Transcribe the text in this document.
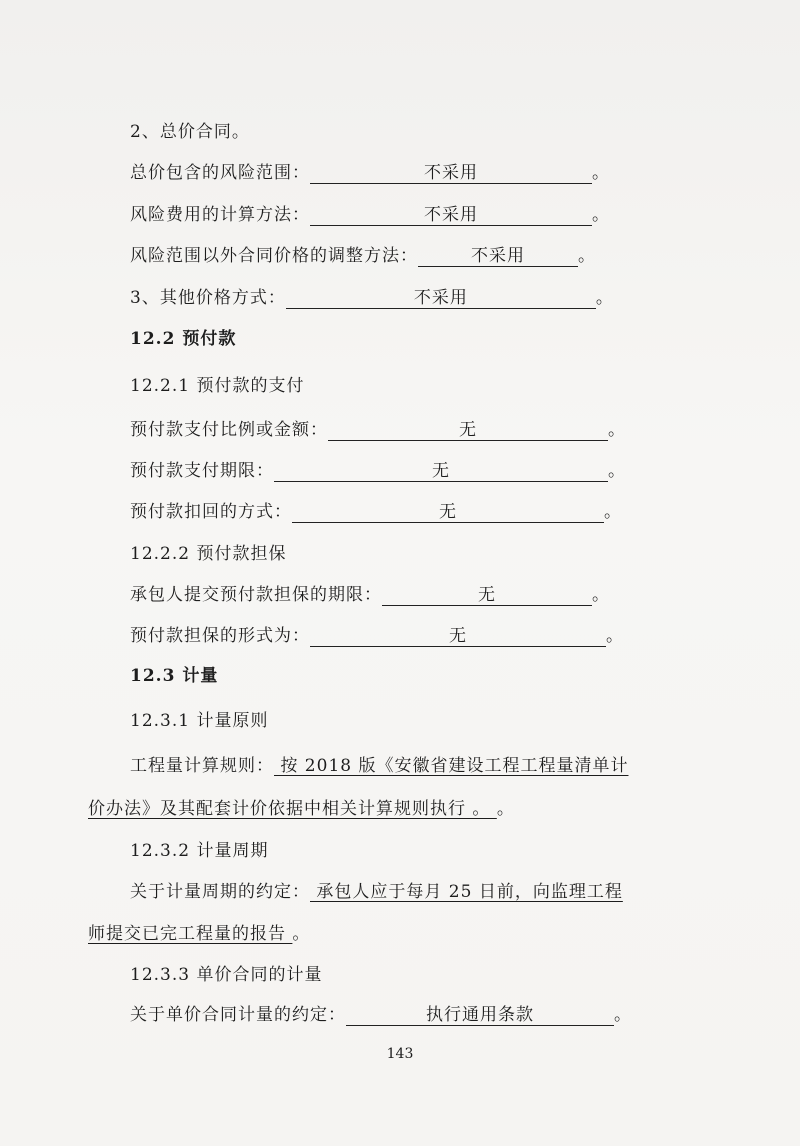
2、总价合同。
总价包含的风险范围：	不采用	。
风险费用的计算方法：	不采用	。
风险范围以外合同价格的调整方法：	不采用	。
3、其他价格方式：	不采用	。
12.2 预付款
12.2.1 预付款的支付
预付款支付比例或金额：	无	。
预付款支付期限：	无	。
预付款扣回的方式：	无	。
12.2.2 预付款担保
承包人提交预付款担保的期限：	无	。
预付款担保的形式为：	无	。
12.3 计量
12.3.1 计量原则
工程量计算规则： 按 2018 版《安徽省建设工程工程量清单计
价办法》及其配套计价依据中相关计算规则执行 。 。
12.3.2 计量周期
关于计量周期的约定： 承包人应于每月 25 日前，向监理工程
师提交已完工程量的报告 。
12.3.3 单价合同的计量
关于单价合同计量的约定：	执行通用条款	。
143
